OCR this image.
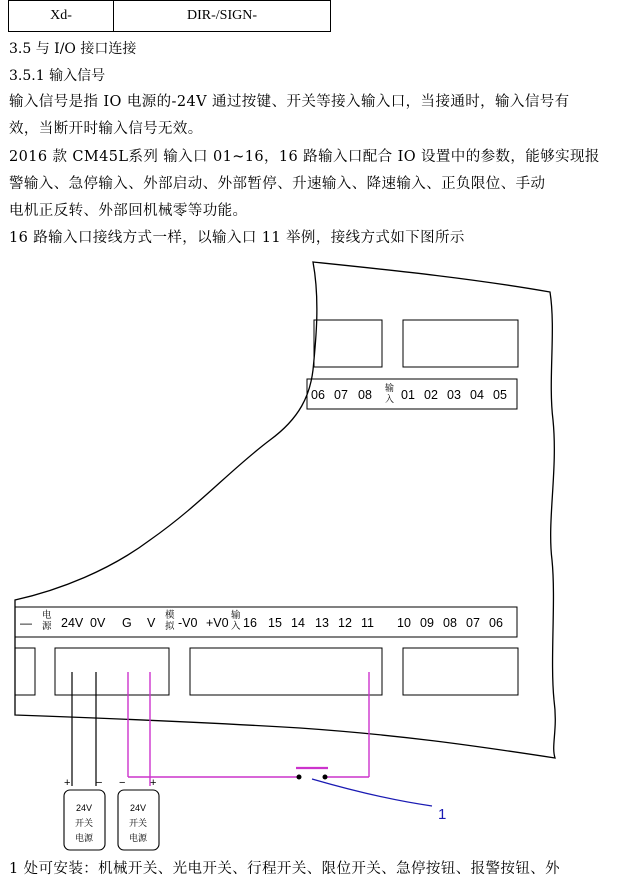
Xd-	DIR-/SIGN-
3.5 与 I/O 接口连接
3.5.1 输入信号
输入信号是指 IO 电源的-24V 通过按键、开关等接入输入口，当接通时，输入信号有
效，当断开时输入信号无效。
2016 款 CM45L系列 输入口 01~16，16 路输入口配合 IO 设置中的参数，能够实现报
警输入、急停输入、外部启动、外部暂停、升速输入、降速输入、正负限位、手动
电机正反转、外部回机械零等功能。
16 路输入口接线方式一样，以输入口 11 举例，接线方式如下图所示
06 07 08 01 02 03 04 05
输入
—
电源
模拟
输入
24V 0V G V -V0 +V0 16 15 14 13 12 11 10 09 08 07 06
1
+ −
24V
开关
电源
− +
24V
开关
电源
1 处可安装：机械开关、光电开关、行程开关、限位开关、急停按钮、报警按钮、外
